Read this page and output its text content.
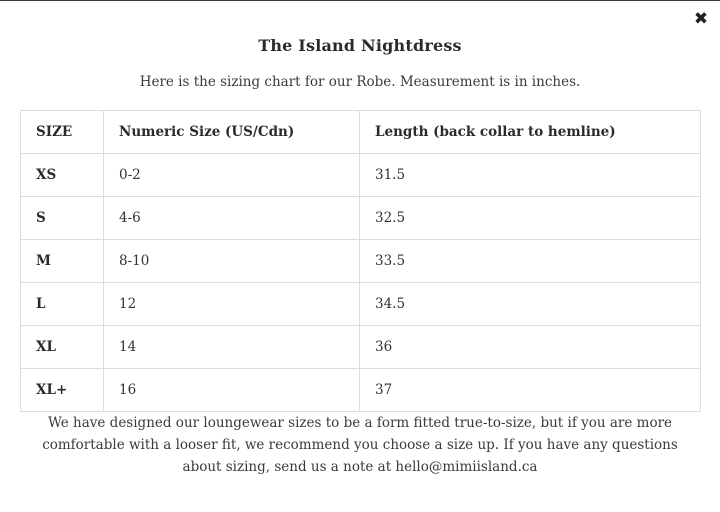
✖
The Island Nightdress
Here is the sizing chart for our Robe. Measurement is in inches.
SIZE	Numeric Size (US/Cdn)	Length (back collar to hemline)
XS	0-2	31.5
S	4-6	32.5
M	8-10	33.5
L	12	34.5
XL	14	36
XL+	16	37
We have designed our loungewear sizes to be a form fitted true-to-size, but if you are more comfortable with a looser fit, we recommend you choose a size up. If you have any questions about sizing, send us a note at hello@mimiisland.ca
